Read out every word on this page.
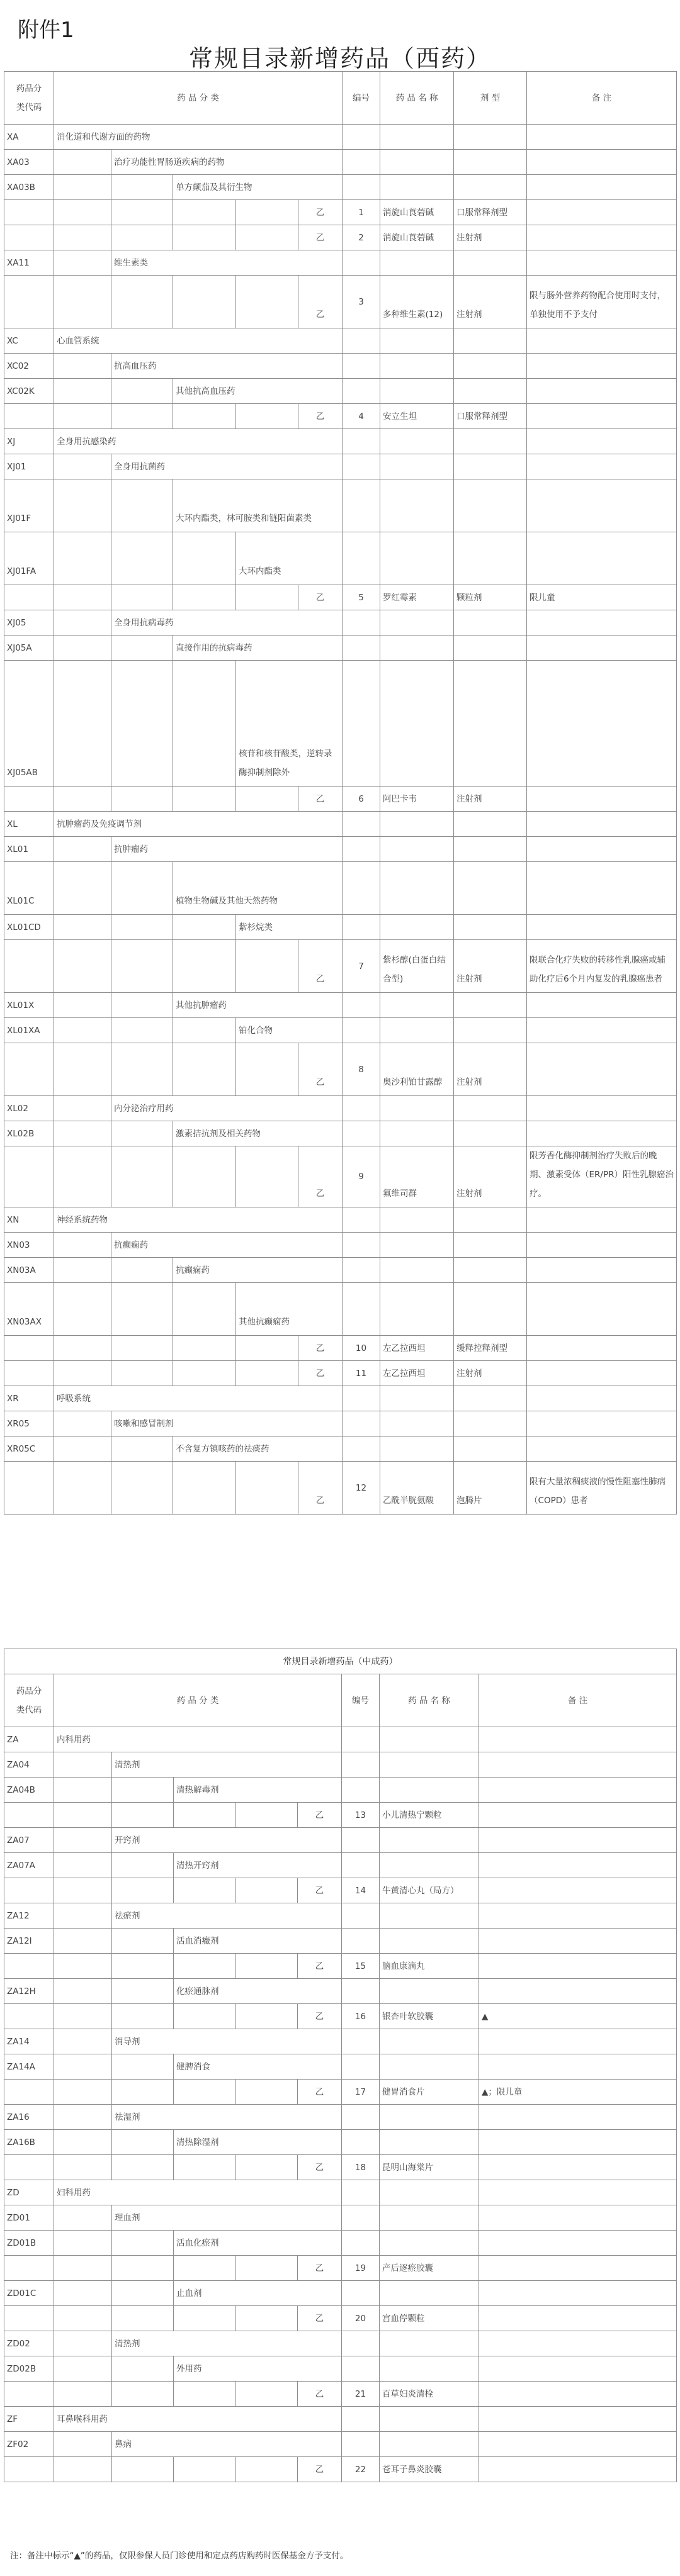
附件1
常规目录新增药品（西药）
药品分
类代码	药 品 分 类					编号	药 品 名 称	剂 型	备 注
XA	消化道和代谢方面的药物								
XA03		治疗功能性胃肠道疾病的药物							
XA03B			单方颠茄及其衍生物						
					乙	1	消旋山莨菪碱	口服常释剂型	
					乙	2	消旋山莨菪碱	注射剂	
XA11		维生素类							
					乙	3	多种维生素(12)	注射剂	限与肠外营养药物配合使用时支付，单独使用不予支付
XC	心血管系统								
XC02		抗高血压药							
XC02K			其他抗高血压药						
					乙	4	安立生坦	口服常释剂型	
XJ	全身用抗感染药								
XJ01		全身用抗菌药							
XJ01F			大环内酯类，林可胺类和链阳菌素类						
XJ01FA				大环内酯类					
					乙	5	罗红霉素	颗粒剂	限儿童
XJ05		全身用抗病毒药							
XJ05A			直接作用的抗病毒药						
XJ05AB				核苷和核苷酸类，逆转录酶抑制剂除外					
					乙	6	阿巴卡韦	注射剂	
XL	抗肿瘤药及免疫调节剂								
XL01		抗肿瘤药							
XL01C			植物生物碱及其他天然药物						
XL01CD				紫杉烷类					
					乙	7	紫杉醇(白蛋白结合型)	注射剂	限联合化疗失败的转移性乳腺癌或辅助化疗后6个月内复发的乳腺癌患者
XL01X			其他抗肿瘤药						
XL01XA				铂化合物					
					乙	8	奥沙利铂甘露醇	注射剂	
XL02		内分泌治疗用药							
XL02B			激素拮抗剂及相关药物						
					乙	9	氟维司群	注射剂	限芳香化酶抑制剂治疗失败后的晚期、激素受体（ER/PR）阳性乳腺癌治疗。
XN	神经系统药物								
XN03		抗癫痫药							
XN03A			抗癫痫药						
XN03AX				其他抗癫痫药					
					乙	10	左乙拉西坦	缓释控释剂型	
					乙	11	左乙拉西坦	注射剂	
XR	呼吸系统								
XR05		咳嗽和感冒制剂							
XR05C			不含复方镇咳药的祛痰药						
					乙	12	乙酰半胱氨酸	泡腾片	限有大量浓稠痰液的慢性阻塞性肺病（COPD）患者
常规目录新增药品（中成药）								

药品分
类代码	药 品 分 类					编号	药 品 名 称	备 注
ZA	内科用药							
ZA04		清热剂						
ZA04B			清热解毒剂					
					乙	13	小儿清热宁颗粒	
ZA07		开窍剂						
ZA07A			清热开窍剂					
					乙	14	牛黄清心丸（局方）	
ZA12		祛瘀剂						
ZA12I			活血消癥剂					
					乙	15	脑血康滴丸	
ZA12H			化瘀通脉剂					
					乙	16	银杏叶软胶囊	▲
ZA14		消导剂						
ZA14A			健脾消食					
					乙	17	健胃消食片	▲；限儿童
ZA16		祛湿剂						
ZA16B			清热除湿剂					
					乙	18	昆明山海棠片	
ZD	妇科用药							
ZD01		理血剂						
ZD01B			活血化瘀剂					
					乙	19	产后逐瘀胶囊	
ZD01C			止血剂					
					乙	20	宫血停颗粒	
ZD02		清热剂						
ZD02B			外用药					
					乙	21	百草妇炎清栓	
ZF	耳鼻喉科用药							
ZF02		鼻病						
					乙	22	苍耳子鼻炎胶囊	
注：备注中标示“▲”的药品，仅限参保人员门诊使用和定点药店购药时医保基金方予支付。
